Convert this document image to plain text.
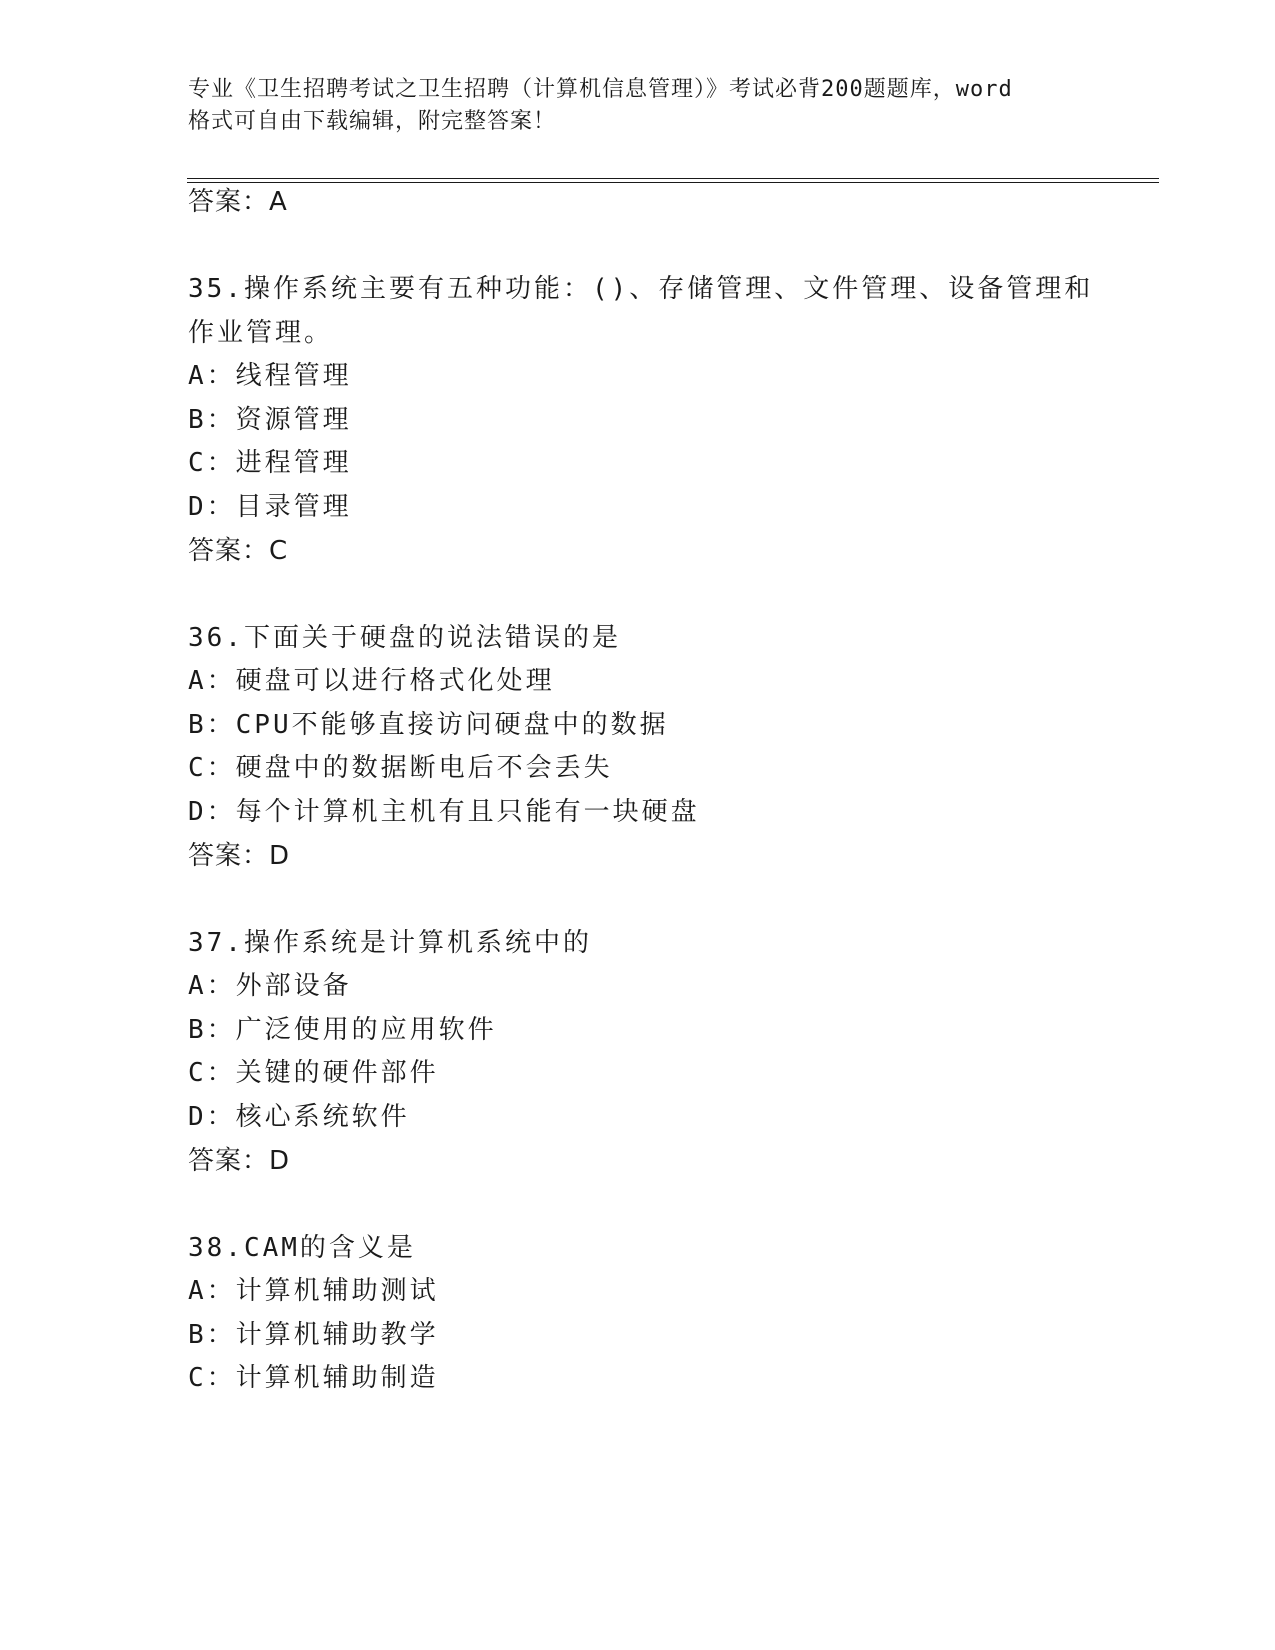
专业《卫生招聘考试之卫生招聘（计算机信息管理）》考试必背200题题库，word
格式可自由下载编辑，附完整答案！
答案：A
35.操作系统主要有五种功能：()、存储管理、文件管理、设备管理和
作业管理。
A：线程管理
B：资源管理
C：进程管理
D：目录管理
答案：C
36.下面关于硬盘的说法错误的是
A：硬盘可以进行格式化处理
B：CPU不能够直接访问硬盘中的数据
C：硬盘中的数据断电后不会丢失
D：每个计算机主机有且只能有一块硬盘
答案：D
37.操作系统是计算机系统中的
A：外部设备
B：广泛使用的应用软件
C：关键的硬件部件
D：核心系统软件
答案：D
38.CAM的含义是
A：计算机辅助测试
B：计算机辅助教学
C：计算机辅助制造
